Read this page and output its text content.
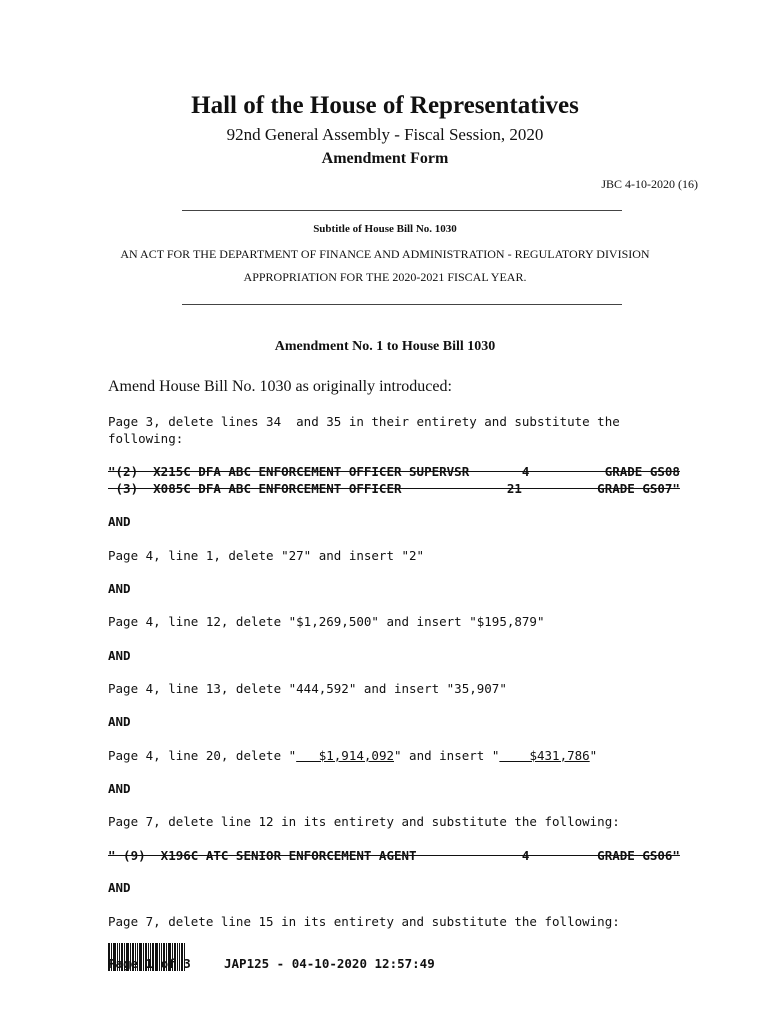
Hall of the House of Representatives
92nd General Assembly - Fiscal Session, 2020
Amendment Form
JBC 4-10-2020 (16)
Subtitle of House Bill No. 1030
AN ACT FOR THE DEPARTMENT OF FINANCE AND ADMINISTRATION - REGULATORY DIVISION
APPROPRIATION FOR THE 2020-2021 FISCAL YEAR.
Amendment No. 1 to House Bill 1030
Amend House Bill No. 1030 as originally introduced:
Page 3, delete lines 34  and 35 in their entirety and substitute the
following:
"(2)  X215C DFA ABC ENFORCEMENT OFFICER SUPERVSR       4          GRADE GS08
(3)  X085C DFA ABC ENFORCEMENT OFFICER              21          GRADE GS07"
AND
Page 4, line 1, delete "27" and insert "2"
AND
Page 4, line 12, delete "$1,269,500" and insert "$195,879"
AND
Page 4, line 13, delete "444,592" and insert "35,907"
AND
Page 4, line 20, delete "   $1,914,092" and insert "    $431,786"
AND
Page 7, delete line 12 in its entirety and substitute the following:
" (9)  X196C ATC SENIOR ENFORCEMENT AGENT              4         GRADE GS06"
AND
Page 7, delete line 15 in its entirety and substitute the following:
JAP125 - 04-10-2020 12:57:49
Page 1 of 3
